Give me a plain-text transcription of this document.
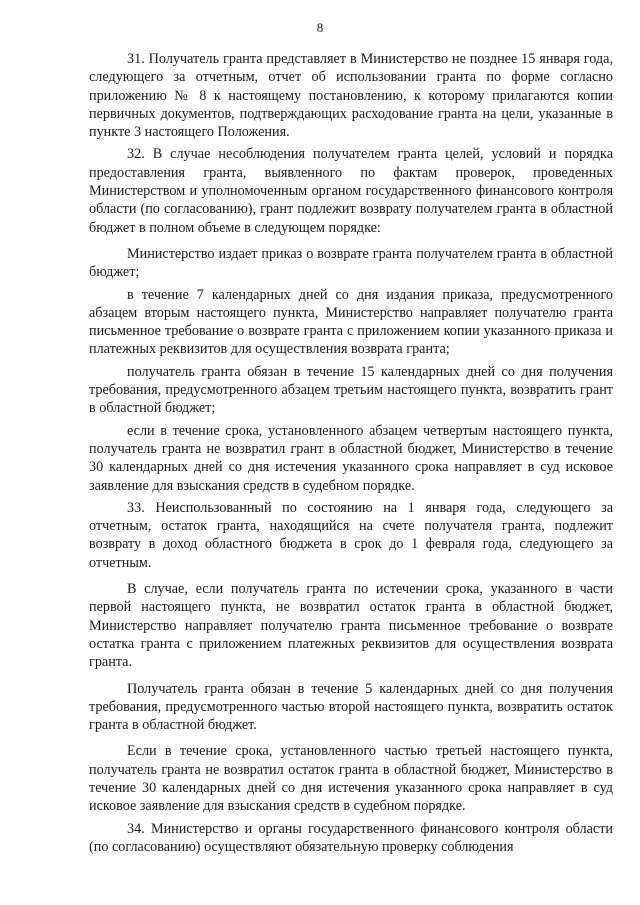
8

31. Получатель гранта представляет в Министерство не позднее 15 января года, следующего за отчетным, отчет об использовании гранта по форме согласно приложению № 8 к настоящему постановлению, к которому прилагаются копии первичных документов, подтверждающих расходование гранта на цели, указанные в пункте 3 настоящего Положения.

32. В случае несоблюдения получателем гранта целей, условий и порядка предоставления гранта, выявленного по фактам проверок, проведенных Министерством и уполномоченным органом государственного финансового контроля области (по согласованию), грант подлежит возврату получателем гранта в областной бюджет в полном объеме в следующем порядке:

Министерство издает приказ о возврате гранта получателем гранта в областной бюджет;

в течение 7 календарных дней со дня издания приказа, предусмотренного абзацем вторым настоящего пункта, Министерство направляет получателю гранта письменное требование о возврате гранта с приложением копии указанного приказа и платежных реквизитов для осуществления возврата гранта;

получатель гранта обязан в течение 15 календарных дней со дня получения требования, предусмотренного абзацем третьим настоящего пункта, возвратить грант в областной бюджет;

если в течение срока, установленного абзацем четвертым настоящего пункта, получатель гранта не возвратил грант в областной бюджет, Министерство в течение 30 календарных дней со дня истечения указанного срока направляет в суд исковое заявление для взыскания средств в судебном порядке.

33. Неиспользованный по состоянию на 1 января года, следующего за отчетным, остаток гранта, находящийся на счете получателя гранта, подлежит возврату в доход областного бюджета в срок до 1 февраля года, следующего за отчетным.

В случае, если получатель гранта по истечении срока, указанного в части первой настоящего пункта, не возвратил остаток гранта в областной бюджет, Министерство направляет получателю гранта письменное требование о возврате остатка гранта с приложением платежных реквизитов для осуществления возврата гранта.

Получатель гранта обязан в течение 5 календарных дней со дня получения требования, предусмотренного частью второй настоящего пункта, возвратить остаток гранта в областной бюджет.

Если в течение срока, установленного частью третьей настоящего пункта, получатель гранта не возвратил остаток гранта в областной бюджет, Министерство в течение 30 календарных дней со дня истечения указанного срока направляет в суд исковое заявление для взыскания средств в судебном порядке.

34. Министерство и органы государственного финансового контроля области (по согласованию) осуществляют обязательную проверку соблюдения
